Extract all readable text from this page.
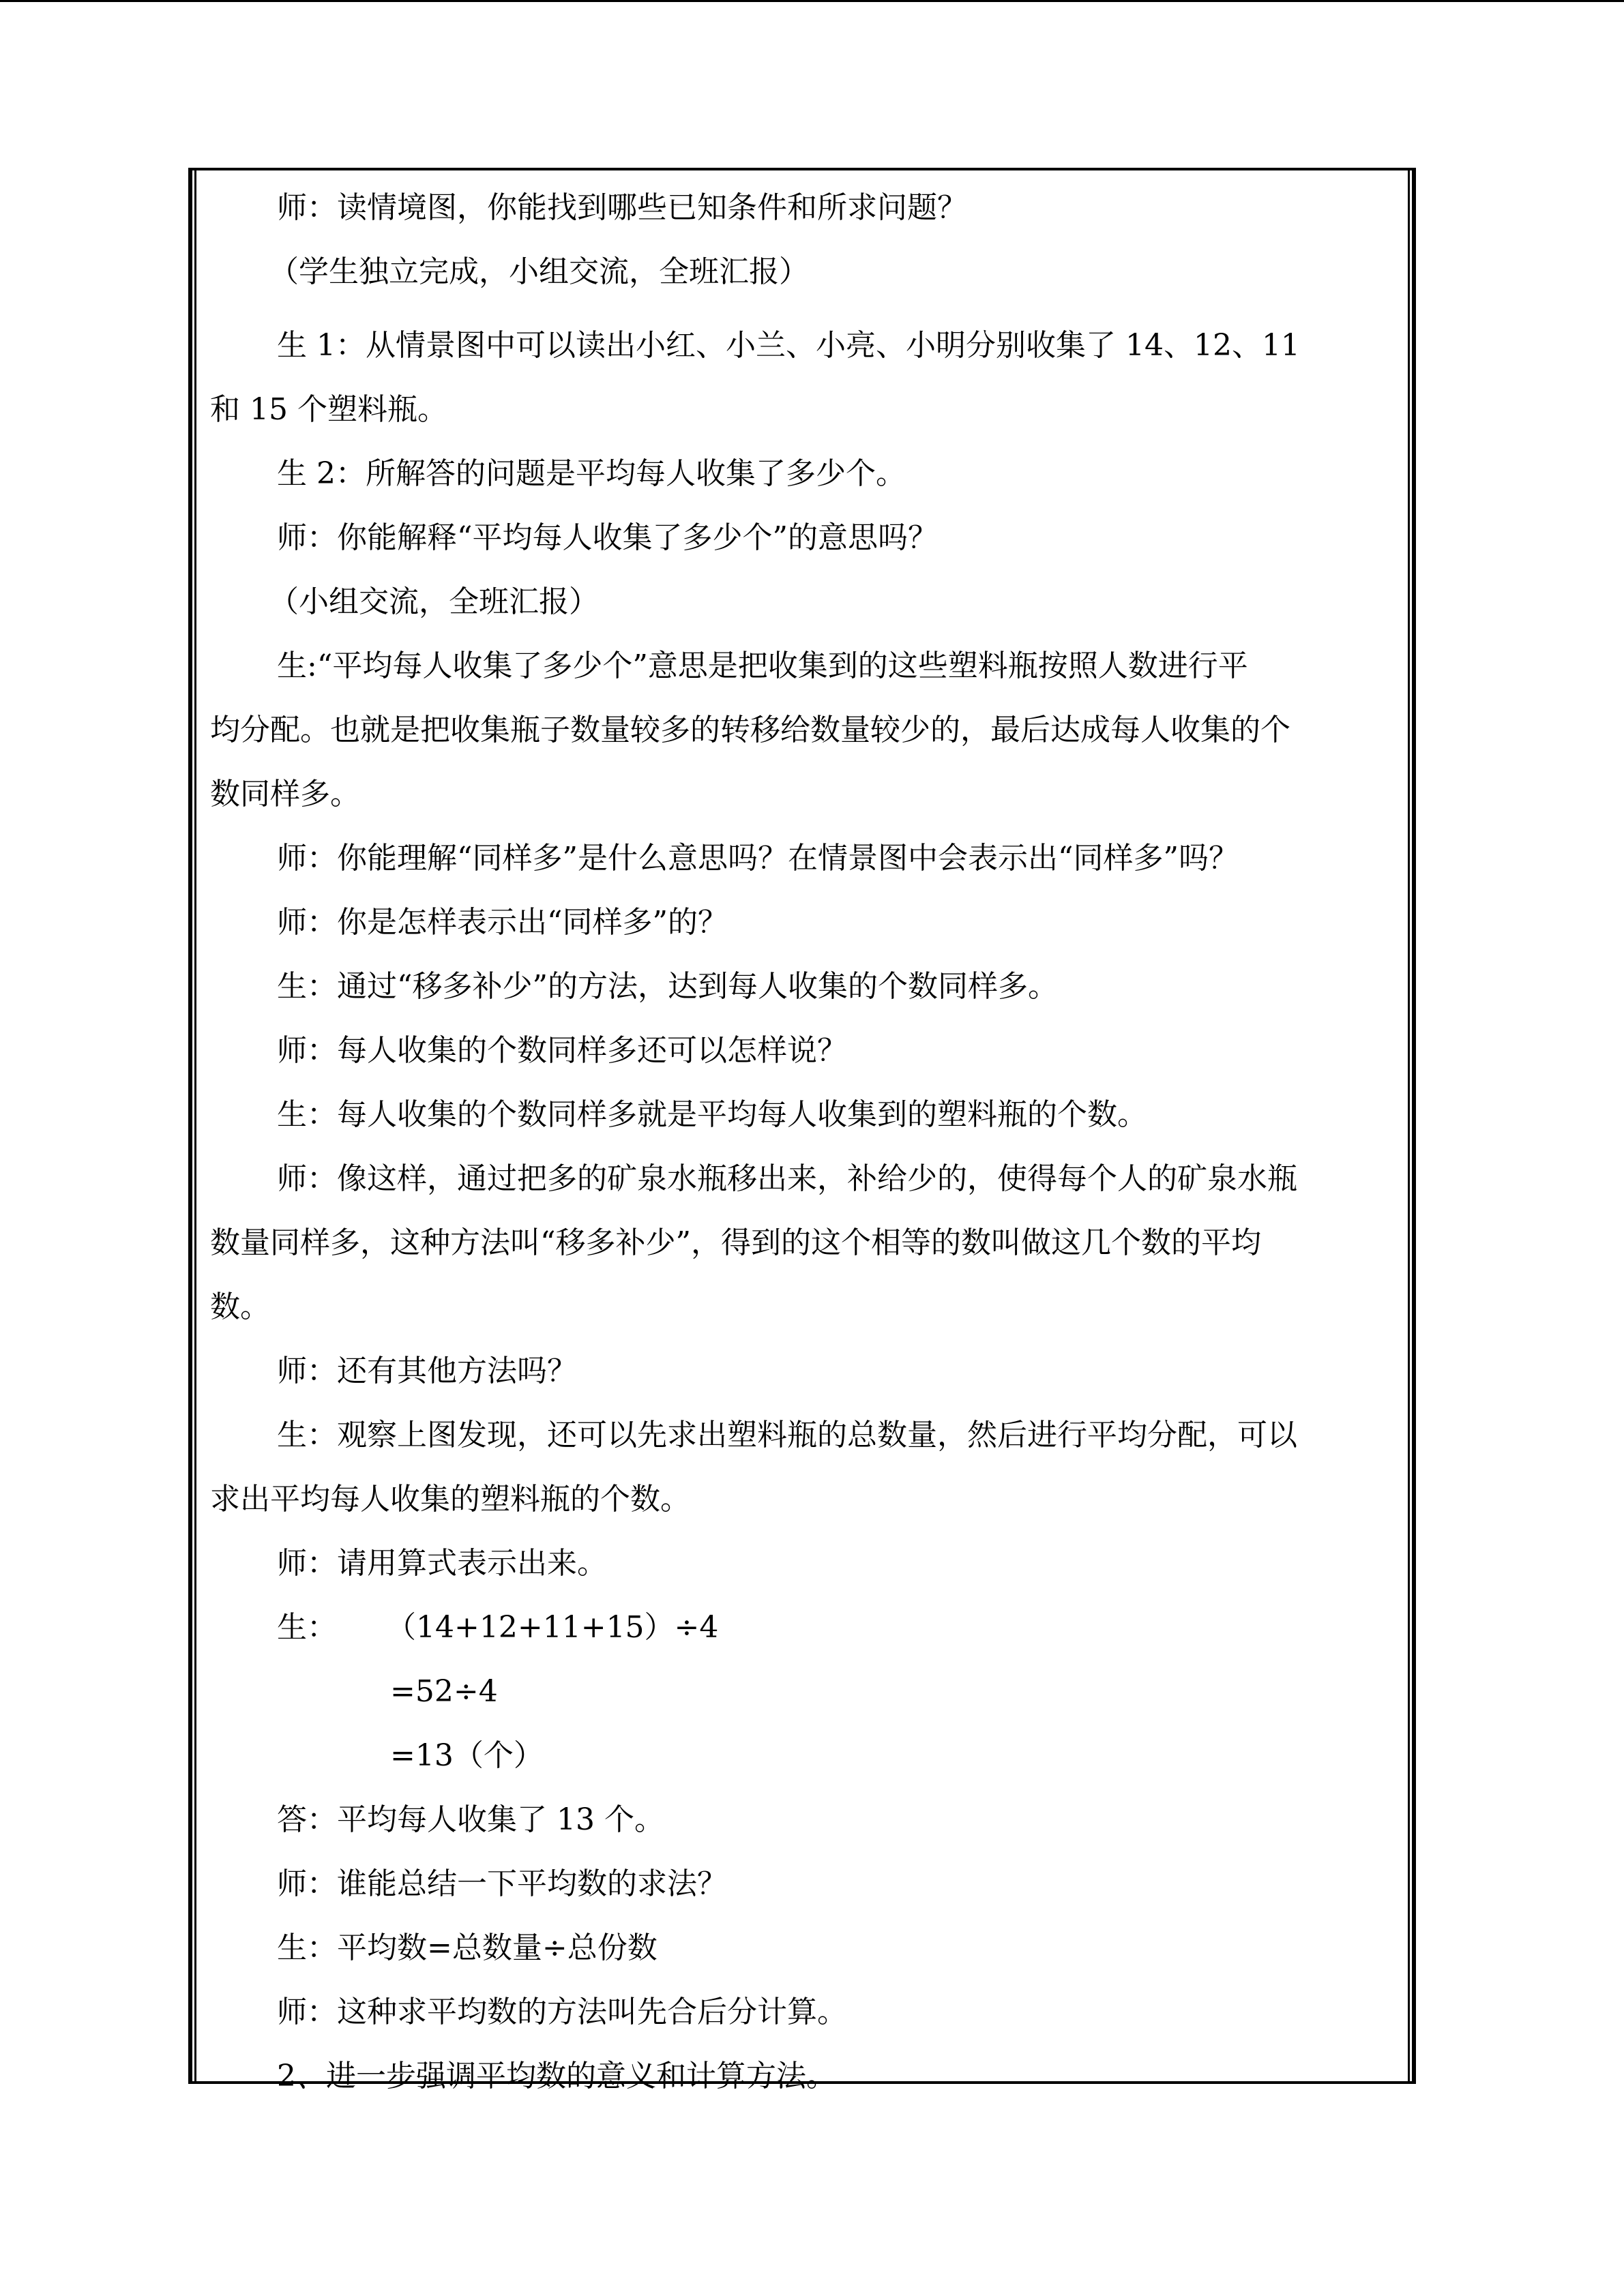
师：读情境图，你能找到哪些已知条件和所求问题？
（学生独立完成，小组交流，全班汇报）
生 1：从情景图中可以读出小红、小兰、小亮、小明分别收集了 14、12、11
和 15 个塑料瓶。
生 2：所解答的问题是平均每人收集了多少个。
师：你能解释“平均每人收集了多少个”的意思吗？
（小组交流，全班汇报）
生:“平均每人收集了多少个”意思是把收集到的这些塑料瓶按照人数进行平
均分配。也就是把收集瓶子数量较多的转移给数量较少的，最后达成每人收集的个
数同样多。
师：你能理解“同样多”是什么意思吗？在情景图中会表示出“同样多”吗？
师：你是怎样表示出“同样多”的？
生：通过“移多补少”的方法，达到每人收集的个数同样多。
师：每人收集的个数同样多还可以怎样说？
生：每人收集的个数同样多就是平均每人收集到的塑料瓶的个数。
师：像这样，通过把多的矿泉水瓶移出来，补给少的，使得每个人的矿泉水瓶
数量同样多，这种方法叫“移多补少”，得到的这个相等的数叫做这几个数的平均
数。
师：还有其他方法吗？
生：观察上图发现，还可以先求出塑料瓶的总数量，然后进行平均分配，可以
求出平均每人收集的塑料瓶的个数。
师：请用算式表示出来。
生： （14+12+11+15）÷4
=52÷4
=13（个）
答：平均每人收集了 13 个。
师：谁能总结一下平均数的求法？
生：平均数=总数量÷总份数
师：这种求平均数的方法叫先合后分计算。
2、进一步强调平均数的意义和计算方法。
